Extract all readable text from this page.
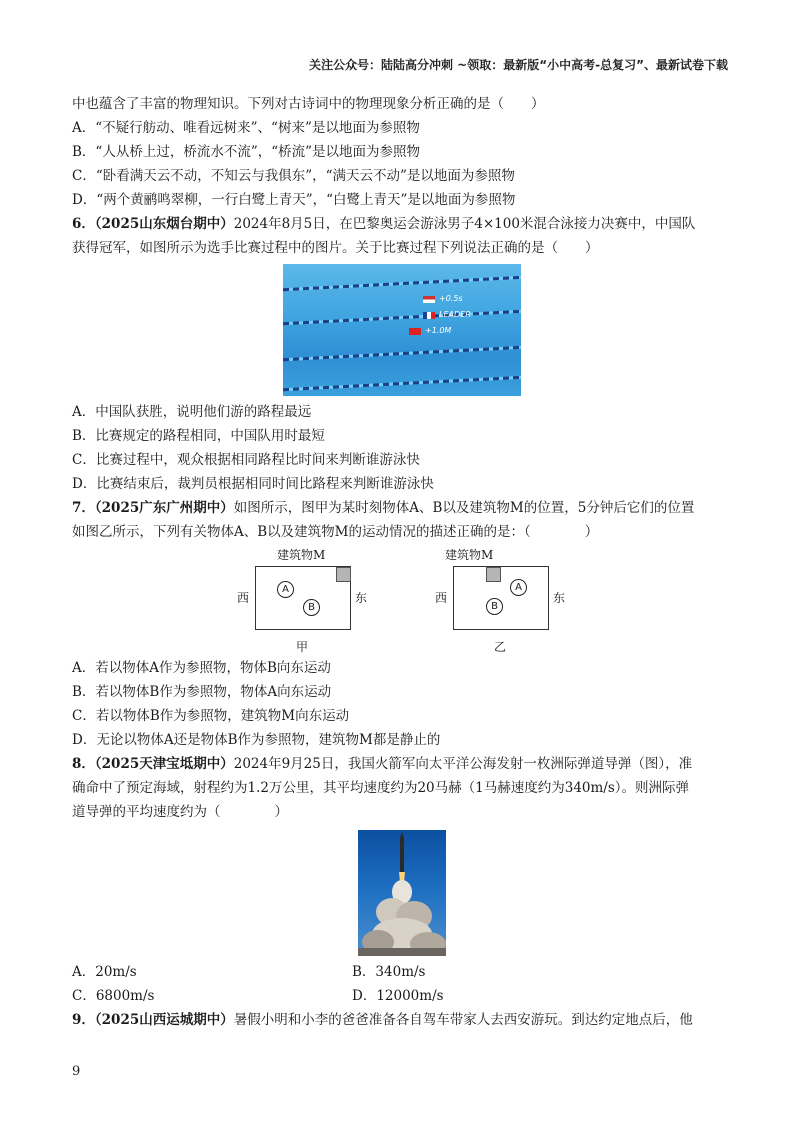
关注公众号：陆陆高分冲刺 ~领取：最新版“小中高考-总复习”、最新试卷下载
中也蕴含了丰富的物理知识。下列对古诗词中的物理现象分析正确的是（　　）
A．“不疑行舫动、唯看远树来”、“树来”是以地面为参照物
B．“人从桥上过，桥流水不流”，“桥流”是以地面为参照物
C．“卧看满天云不动，不知云与我俱东”，“满天云不动”是以地面为参照物
D．“两个黄鹂鸣翠柳，一行白鹭上青天”，“白鹭上青天”是以地面为参照物
6．（2025山东烟台期中）2024年8月5日，在巴黎奥运会游泳男子4×100米混合泳接力决赛中，中国队
获得冠军，如图所示为选手比赛过程中的图片。关于比赛过程下列说法正确的是（　　）
+0.5s
LEADER
+1.0M
A．中国队获胜，说明他们游的路程最远
B．比赛规定的路程相同，中国队用时最短
C．比赛过程中，观众根据相同路程比时间来判断谁游泳快
D．比赛结束后，裁判员根据相同时间比路程来判断谁游泳快
7．（2025广东广州期中）如图所示，图甲为某时刻物体A、B以及建筑物M的位置，5分钟后它们的位置
如图乙所示，下列有关物体A、B以及建筑物M的运动情况的描述正确的是：（　　　　）
建筑物M
A
B
西	东
甲
建筑物M
A
B
西	东
乙
A．若以物体A作为参照物，物体B向东运动
B．若以物体B作为参照物，物体A向东运动
C．若以物体B作为参照物，建筑物M向东运动
D．无论以物体A还是物体B作为参照物，建筑物M都是静止的
8．（2025天津宝坻期中）2024年9月25日，我国火箭军向太平洋公海发射一枚洲际弹道导弹（图），准
确命中了预定海域，射程约为1.2万公里，其平均速度约为20马赫（1马赫速度约为340m/s）。则洲际弹
道导弹的平均速度约为（　　　　）
A．20m/s	B．340m/s
C．6800m/s	D．12000m/s
9．（2025山西运城期中）暑假小明和小李的爸爸准备各自驾车带家人去西安游玩。到达约定地点后，他
9
